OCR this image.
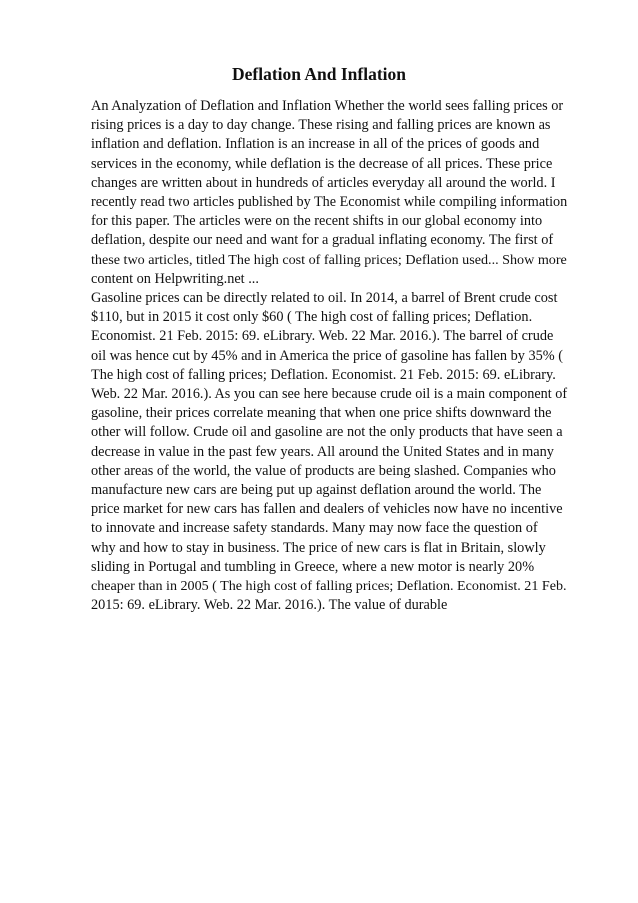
Deflation And Inflation
An Analyzation of Deflation and Inflation Whether the world sees falling prices or
rising prices is a day to day change. These rising and falling prices are known as
inflation and deflation. Inflation is an increase in all of the prices of goods and
services in the economy, while deflation is the decrease of all prices. These price
changes are written about in hundreds of articles everyday all around the world. I
recently read two articles published by The Economist while compiling information
for this paper. The articles were on the recent shifts in our global economy into
deflation, despite our need and want for a gradual inflating economy. The first of
these two articles, titled The high cost of falling prices; Deflation used... Show more
content on Helpwriting.net ...
Gasoline prices can be directly related to oil. In 2014, a barrel of Brent crude cost
$110, but in 2015 it cost only $60 ( The high cost of falling prices; Deflation.
Economist. 21 Feb. 2015: 69. eLibrary. Web. 22 Mar. 2016.). The barrel of crude
oil was hence cut by 45% and in America the price of gasoline has fallen by 35% (
The high cost of falling prices; Deflation. Economist. 21 Feb. 2015: 69. eLibrary.
Web. 22 Mar. 2016.). As you can see here because crude oil is a main component of
gasoline, their prices correlate meaning that when one price shifts downward the
other will follow. Crude oil and gasoline are not the only products that have seen a
decrease in value in the past few years. All around the United States and in many
other areas of the world, the value of products are being slashed. Companies who
manufacture new cars are being put up against deflation around the world. The
price market for new cars has fallen and dealers of vehicles now have no incentive
to innovate and increase safety standards. Many may now face the question of
why and how to stay in business. The price of new cars is flat in Britain, slowly
sliding in Portugal and tumbling in Greece, where a new motor is nearly 20%
cheaper than in 2005 ( The high cost of falling prices; Deflation. Economist. 21 Feb.
2015: 69. eLibrary. Web. 22 Mar. 2016.). The value of durable
